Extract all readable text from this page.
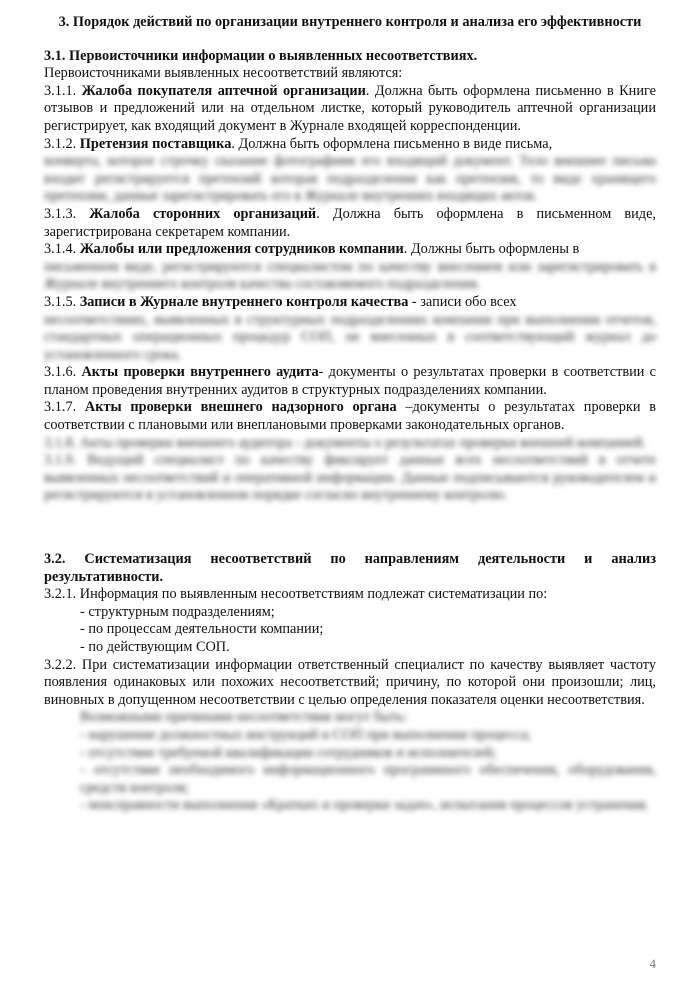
3. Порядок действий по организации внутреннего контроля и анализа его эффективности
3.1. Первоисточники информации о выявленных несоответствиях.

Первоисточниками выявленных несоответствий являются:

3.1.1. Жалоба покупателя аптечной организации. Должна быть оформлена письменно в Книге отзывов и предложений или на отдельном листке, который руководитель аптечной организации регистрирует, как входящий документ в Журнале входящей корреспонденции.

3.1.2. Претензия поставщика. Должна быть оформлена письменно в виде письма,

конверта, которое строчку сказание фотографиям его входящий документ. Тело внешнее письма входит регистрируется претензий которая подразделения как претензия, то виде хранящего претензии, данные зарегистрировать его в Журнале внутренних входящих актов.

3.1.3. Жалоба сторонних организаций. Должна быть оформлена в письменном виде, зарегистрирована секретарем компании.

3.1.4. Жалобы или предложения сотрудников компании. Должны быть оформлены в

письменном виде, регистрируются специалистом по качеству внесением или зарегистрировать в Журнале внутреннего контроля качества составляемого подразделения.

3.1.5. Записи в Журнале внутреннего контроля качества - записи обо всех

несоответствиях, выявленных в структурных подразделениях компании при выполнении отчетов, стандартных операционных процедур СОП, не внесенных в соответствующий журнал до установленного срока.

3.1.6. Акты проверки внутреннего аудита- документы о результатах проверки в соответствии с планом проведения внутренних аудитов в структурных подразделениях компании.

3.1.7. Акты проверки внешнего надзорного органа –документы о результатах проверки в соответствии с плановыми или внеплановыми проверками законодательных органов.

3.1.8. Акты проверки внешнего аудитора - документы о результатах проверки внешней компанией.

3.1.9. Ведущий специалист по качеству фиксирует данные всех несоответствий в отчете выявленных несоответствий и оперативной информации. Данные подписываются руководителем и регистрируются в установленном порядке согласно внутреннему контролю.

3.2. Систематизация несоответствий по направлениям деятельности и анализ результативности.

3.2.1. Информация по выявленным несоответствиям подлежат систематизации по:

- структурным подразделениям;
- по процессам деятельности компании;
- по действующим СОП.

3.2.2. При систематизации информации ответственный специалист по качеству выявляет частоту появления одинаковых или похожих несоответствий; причину, по которой они произошли; лиц, виновных в допущенном несоответствии с целью определения показателя оценки несоответствия.

Возможными причинами несоответствия могут быть:
- нарушение должностных инструкций и СОП при выполнении процесса;
- отсутствие требуемой квалификации сотрудников и исполнителей;
- отсутствие необходимого информационного программного обеспечения, оборудования, средств контроля;
- неисправности выполнения «Кратких и проверки задач», испытания процессов устранения.
4
